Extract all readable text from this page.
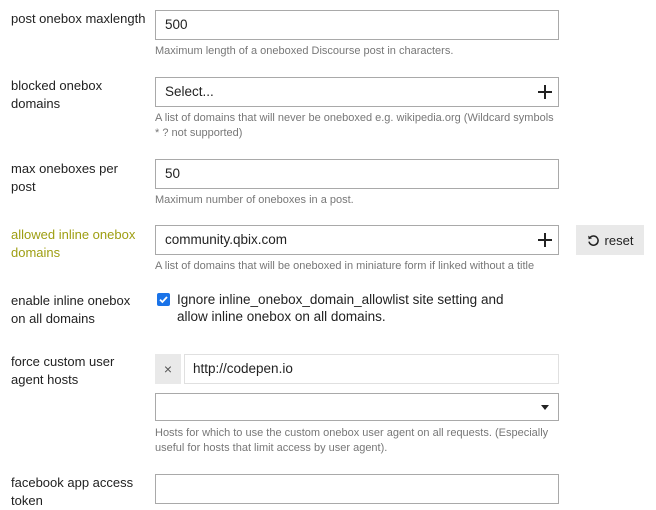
post onebox maxlength	500
Maximum length of a oneboxed Discourse post in characters.
blocked onebox domains
Select...
A list of domains that will never be oneboxed e.g. wikipedia.org (Wildcard symbols * ? not supported)
max oneboxes per post
50
Maximum number of oneboxes in a post.
allowed inline onebox domains
community.qbix.com
A list of domains that will be oneboxed in miniature form if linked without a title
reset
enable inline onebox on all domains
Ignore inline_onebox_domain_allowlist site setting and allow inline onebox on all domains.
force custom user agent hosts
×	http://codepen.io
Hosts for which to use the custom onebox user agent on all requests. (Especially useful for hosts that limit access by user agent).
facebook app access token
